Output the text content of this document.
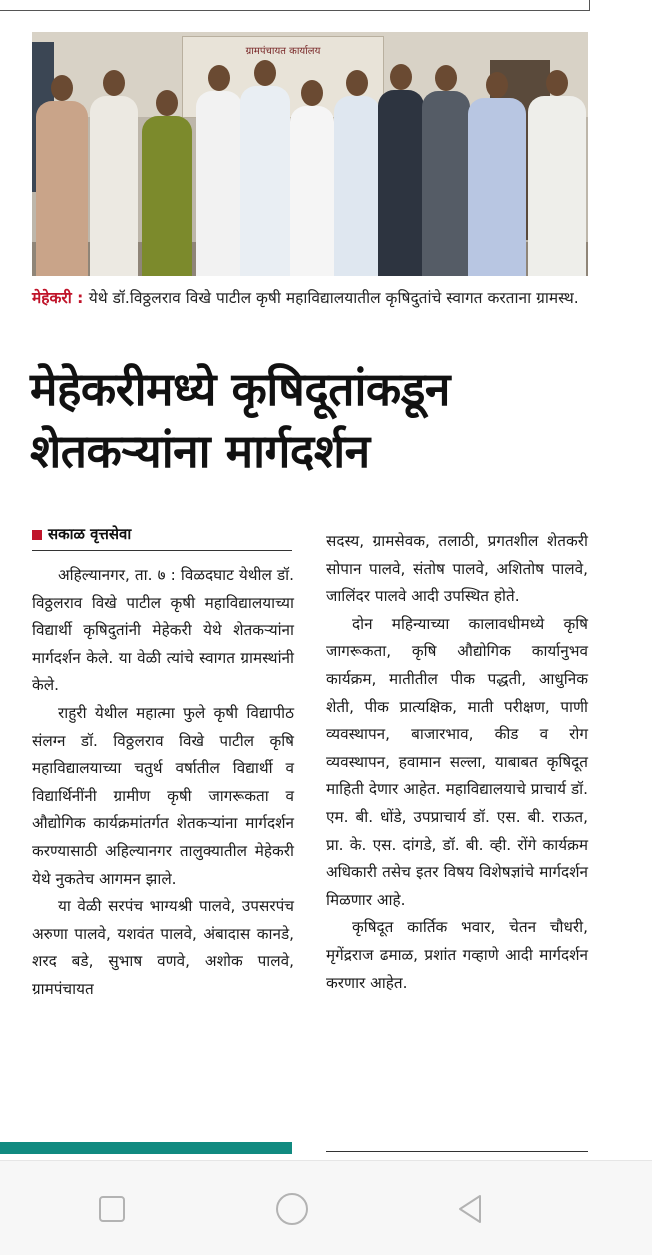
ग्रामपंचायत कार्यालय
मेहेकरी : येथे डॉ.विठ्ठलराव विखे पाटील कृषी महाविद्यालयातील कृषिदुतांचे स्वागत करताना ग्रामस्थ.
मेहेकरीमध्ये कृषिदूतांकडून
शेतकऱ्यांना मार्गदर्शन
सकाळ वृत्तसेवा

अहिल्यानगर, ता. ७ : विळदघाट येथील डॉ. विठ्ठलराव विखे पाटील कृषी महाविद्यालयाच्या विद्यार्थी कृषिदुतांनी मेहेकरी येथे शेतकऱ्यांना मार्गदर्शन केले. या वेळी त्यांचे स्वागत ग्रामस्थांनी केले.

राहुरी येथील महात्मा फुले कृषी विद्यापीठ संलग्न डॉ. विठ्ठलराव विखे पाटील कृषि महाविद्यालयाच्या चतुर्थ वर्षातील विद्यार्थी व विद्यार्थिनींनी ग्रामीण कृषी जागरूकता व औद्योगिक कार्यक्रमांतर्गत शेतकऱ्यांना मार्गदर्शन करण्यासाठी अहिल्यानगर तालुक्यातील मेहेकरी येथे नुकतेच आगमन झाले.

या वेळी सरपंच भाग्यश्री पालवे, उपसरपंच अरुणा पालवे, यशवंत पालवे, अंबादास कानडे, शरद बडे, सुभाष वणवे, अशोक पालवे, ग्रामपंचायत

सदस्य, ग्रामसेवक, तलाठी, प्रगतशील शेतकरी सोपान पालवे, संतोष पालवे, अशितोष पालवे, जालिंदर पालवे आदी उपस्थित होते.

दोन महिन्याच्या कालावधीमध्ये कृषि जागरूकता, कृषि औद्योगिक कार्यानुभव कार्यक्रम, मातीतील पीक पद्धती, आधुनिक शेती, पीक प्रात्यक्षिक, माती परीक्षण, पाणी व्यवस्थापन, बाजारभाव, कीड व रोग व्यवस्थापन, हवामान सल्ला, याबाबत कृषिदूत माहिती देणार आहेत. महाविद्यालयाचे प्राचार्य डॉ. एम. बी. धोंडे, उपप्राचार्य डॉ. एस. बी. राऊत, प्रा. के. एस. दांगडे, डॉ. बी. व्ही. रोंगे कार्यक्रम अधिकारी तसेच इतर विषय विशेषज्ञांचे मार्गदर्शन मिळणार आहे.

कृषिदूत कार्तिक भवार, चेतन चौधरी, मृगेंद्रराज ढमाळ, प्रशांत गव्हाणे आदी मार्गदर्शन करणार आहेत.
